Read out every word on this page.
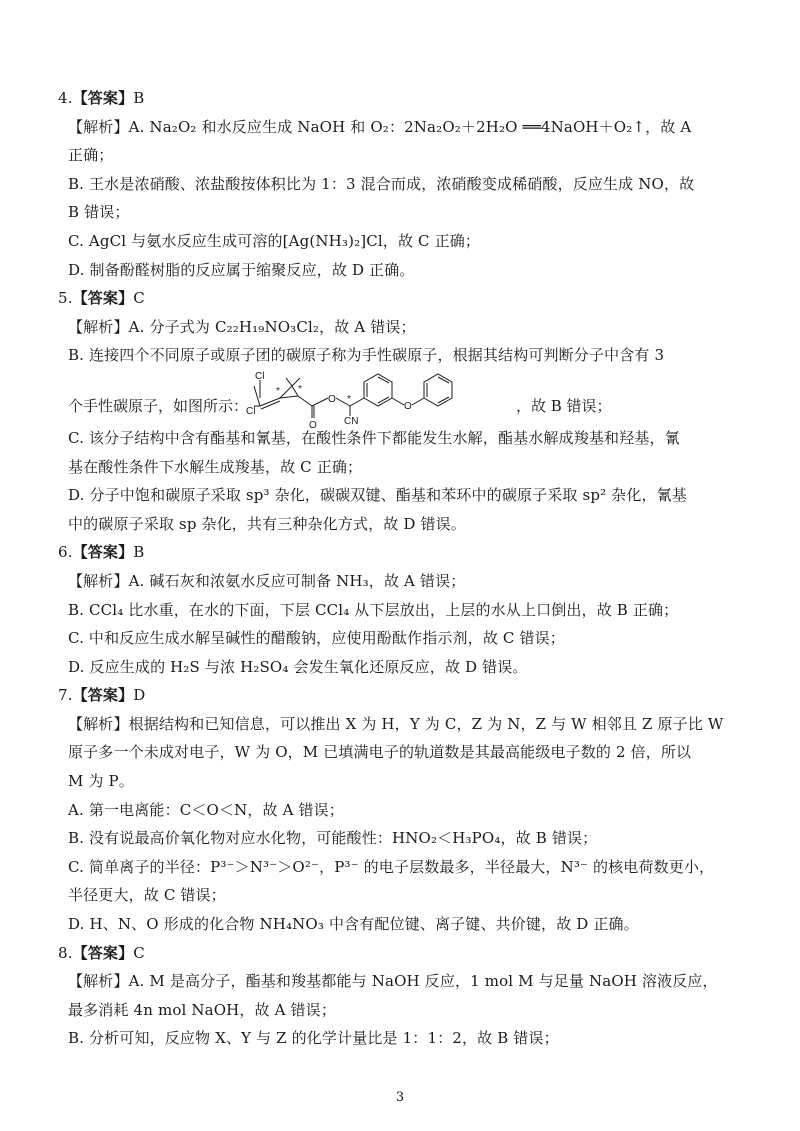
4.【答案】B
【解析】A. Na₂O₂ 和水反应生成 NaOH 和 O₂：2Na₂O₂＋2H₂O ══4NaOH＋O₂↑，故 A
正确；
B. 王水是浓硝酸、浓盐酸按体积比为 1：3 混合而成，浓硝酸变成稀硝酸，反应生成 NO，故
B 错误；
C. AgCl 与氨水反应生成可溶的[Ag(NH₃)₂]Cl，故 C 正确；
D. 制备酚醛树脂的反应属于缩聚反应，故 D 正确。
5.【答案】C
【解析】A. 分子式为 C₂₂H₁₉NO₃Cl₂，故 A 错误；
B. 连接四个不同原子或原子团的碳原子称为手性碳原子，根据其结构可判断分子中含有 3
个手性碳原子，如图所示：
Cl
Cl
* *
O
O
*
CN
O	，故 B 错误；
C. 该分子结构中含有酯基和氰基，在酸性条件下都能发生水解，酯基水解成羧基和羟基，氰
基在酸性条件下水解生成羧基，故 C 正确；
D. 分子中饱和碳原子采取 sp³ 杂化，碳碳双键、酯基和苯环中的碳原子采取 sp² 杂化，氰基
中的碳原子采取 sp 杂化，共有三种杂化方式，故 D 错误。
6.【答案】B
【解析】A. 碱石灰和浓氨水反应可制备 NH₃，故 A 错误；
B. CCl₄ 比水重，在水的下面，下层 CCl₄ 从下层放出，上层的水从上口倒出，故 B 正确；
C. 中和反应生成水解呈碱性的醋酸钠，应使用酚酞作指示剂，故 C 错误；
D. 反应生成的 H₂S 与浓 H₂SO₄ 会发生氧化还原反应，故 D 错误。
7.【答案】D
【解析】根据结构和已知信息，可以推出 X 为 H，Y 为 C，Z 为 N，Z 与 W 相邻且 Z 原子比 W
原子多一个未成对电子，W 为 O，M 已填满电子的轨道数是其最高能级电子数的 2 倍，所以
M 为 P。
A. 第一电离能：C＜O＜N，故 A 错误；
B. 没有说最高价氧化物对应水化物，可能酸性：HNO₂＜H₃PO₄，故 B 错误；
C. 简单离子的半径：P³⁻＞N³⁻＞O²⁻，P³⁻ 的电子层数最多，半径最大，N³⁻ 的核电荷数更小，
半径更大，故 C 错误；
D. H、N、O 形成的化合物 NH₄NO₃ 中含有配位键、离子键、共价键，故 D 正确。
8.【答案】C
【解析】A. M 是高分子，酯基和羧基都能与 NaOH 反应，1 mol M 与足量 NaOH 溶液反应，
最多消耗 4n mol NaOH，故 A 错误；
B. 分析可知，反应物 X、Y 与 Z 的化学计量比是 1：1：2，故 B 错误；
3
